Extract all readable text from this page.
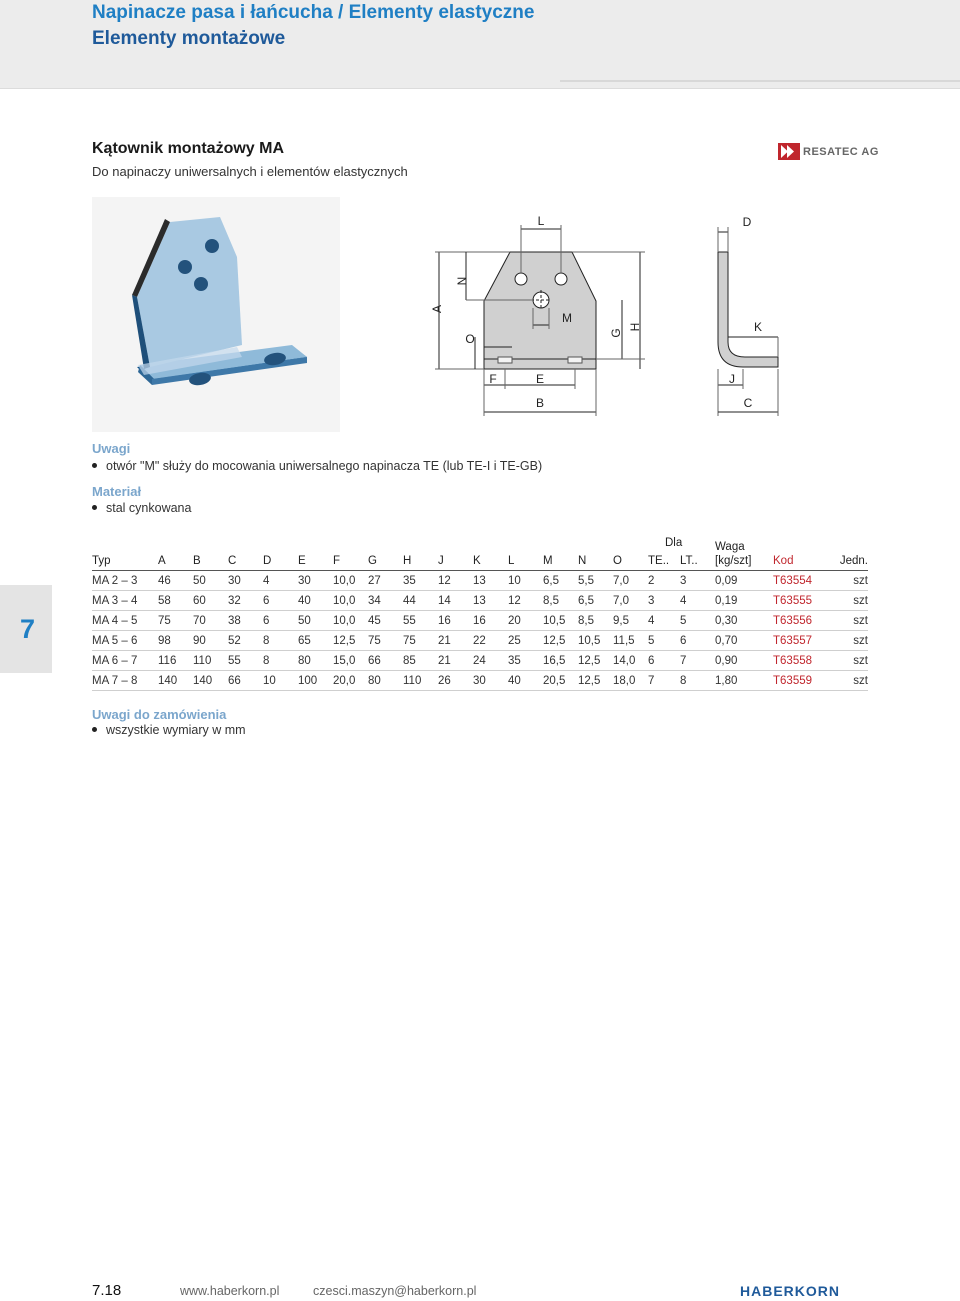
Napinacze pasa i łańcucha / Elementy elastyczne
Elementy montażowe
Kątownik montażowy MA
Do napinaczy uniwersalnych i elementów elastycznych
RESATEC AG
L	D
A
N
O
M
G
H	K
F	E	J
B	C
Uwagi
otwór "M" służy do mocowania uniwersalnego napinacza TE (lub TE-I i TE-GB)
Materiał
stal cynkowana
7
Typ	A	B	C	D	E	F	G	H	J	K	L	M	N	O	Dla
TE..	LT..	Waga
[kg/szt]	Kod	Jedn.
MA 2 – 3	46	50	30	4	30	10,0	27	35	12	13	10	6,5	5,5	7,0	2	3	0,09	T63554	szt
MA 3 – 4	58	60	32	6	40	10,0	34	44	14	13	12	8,5	6,5	7,0	3	4	0,19	T63555	szt
MA 4 – 5	75	70	38	6	50	10,0	45	55	16	16	20	10,5	8,5	9,5	4	5	0,30	T63556	szt
MA 5 – 6	98	90	52	8	65	12,5	75	75	21	22	25	12,5	10,5	11,5	5	6	0,70	T63557	szt
MA 6 – 7	116	110	55	8	80	15,0	66	85	21	24	35	16,5	12,5	14,0	6	7	0,90	T63558	szt
MA 7 – 8	140	140	66	10	100	20,0	80	110	26	30	40	20,5	12,5	18,0	7	8	1,80	T63559	szt
Uwagi do zamówienia
wszystkie wymiary w mm
7.18	www.haberkorn.pl	czesci.maszyn@haberkorn.pl	HABERKORN
